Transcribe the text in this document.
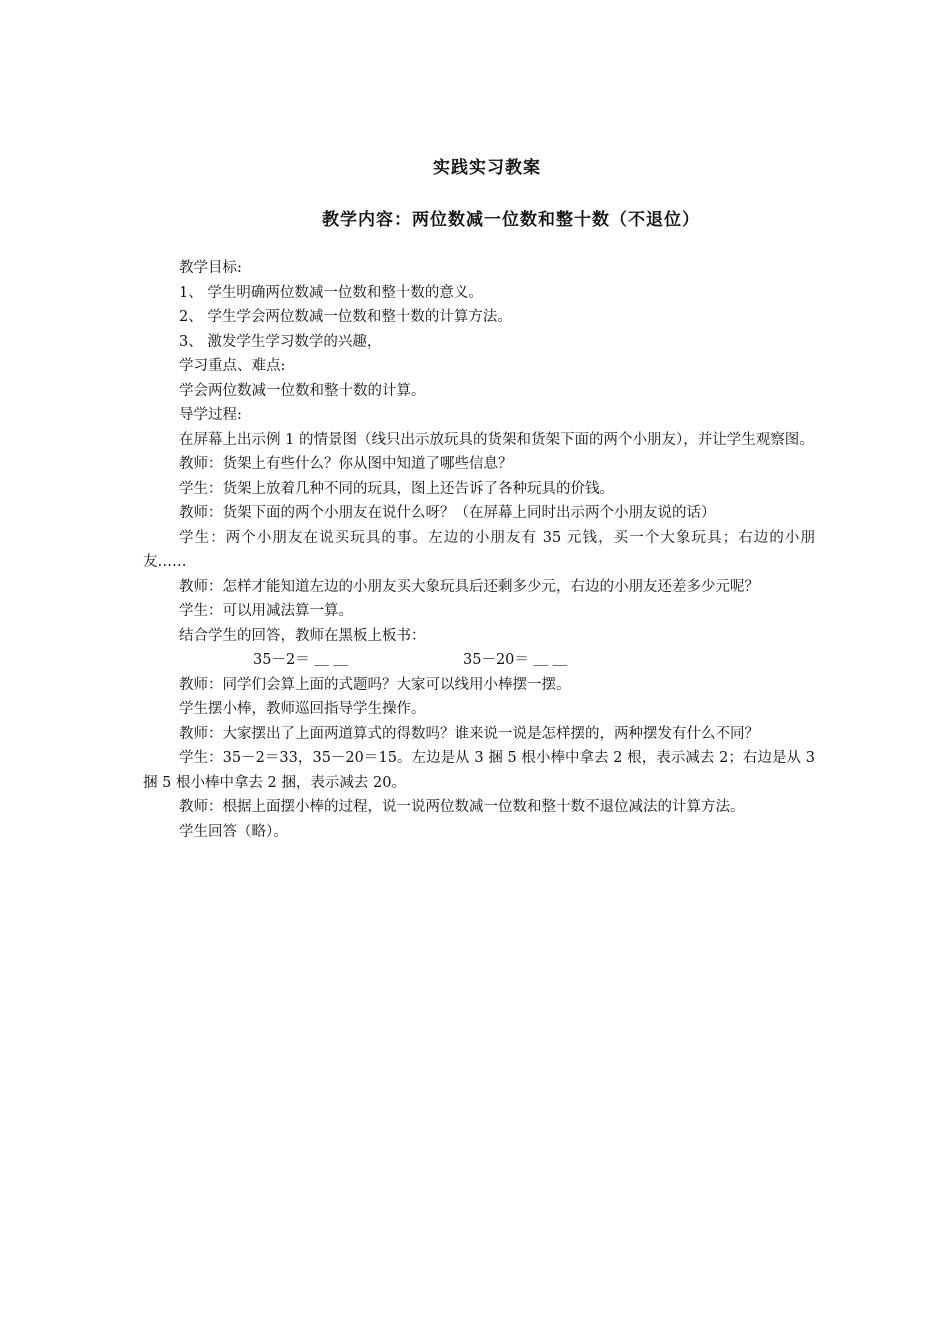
实践实习教案
教学内容：两位数减一位数和整十数（不退位）

教学目标:

1、 学生明确两位数减一位数和整十数的意义。

2、 学生学会两位数减一位数和整十数的计算方法。

3、 激发学生学习数学的兴趣，

学习重点、难点:

学会两位数减一位数和整十数的计算。

导学过程:

在屏幕上出示例 1 的情景图（线只出示放玩具的货架和货架下面的两个小朋友），并让学生观察图。

教师：货架上有些什么？你从图中知道了哪些信息？

学生：货架上放着几种不同的玩具，图上还告诉了各种玩具的价钱。

教师：货架下面的两个小朋友在说什么呀？（在屏幕上同时出示两个小朋友说的话）

学生：两个小朋友在说买玩具的事。左边的小朋友有 35 元钱，买一个大象玩具；右边的小朋友……

教师：怎样才能知道左边的小朋友买大象玩具后还剩多少元，右边的小朋友还差多少元呢？

学生：可以用减法算一算。

结合学生的回答，教师在黑板上板书：

35－2＝ ＿ ＿	35－20＝ ＿ ＿

教师：同学们会算上面的式题吗？大家可以线用小棒摆一摆。

学生摆小棒，教师巡回指导学生操作。

教师：大家摆出了上面两道算式的得数吗？谁来说一说是怎样摆的，两种摆发有什么不同？

学生：35－2＝33，35－20＝15。左边是从 3 捆 5 根小棒中拿去 2 根，表示减去 2；右边是从 3 捆 5 根小棒中拿去 2 捆，表示减去 20。

教师：根据上面摆小棒的过程，说一说两位数减一位数和整十数不退位减法的计算方法。

学生回答（略）。
